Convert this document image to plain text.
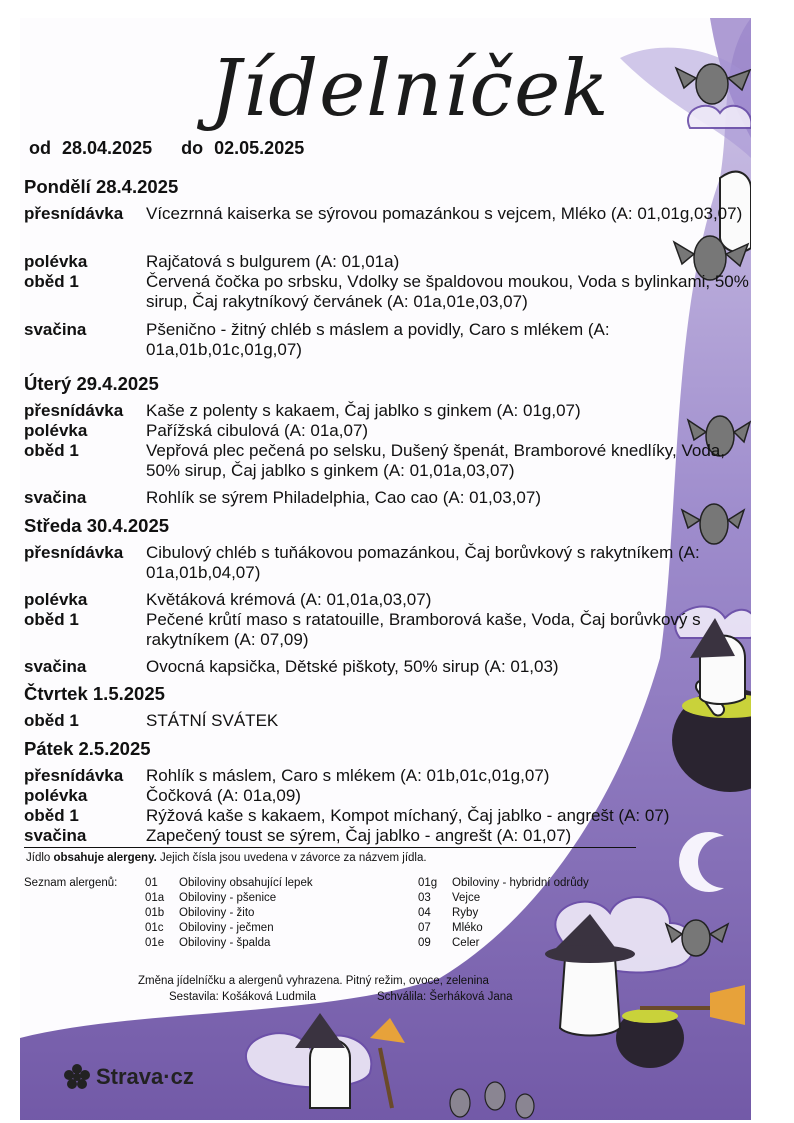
Jídelníček
od 28.04.2025 do 02.05.2025
Pondělí 28.4.2025
přesnídávka Vícezrnná kaiserka se sýrovou pomazánkou s vejcem, Mléko (A: 01,01g,03,07)
polévka	Rajčatová s bulgurem (A: 01,01a)
oběd 1	Červená čočka po srbsku, Vdolky se špaldovou moukou, Voda s bylinkami, 50% sirup, Čaj rakytníkový červánek (A: 01a,01e,03,07)
svačina	Pšenično - žitný chléb s máslem a povidly, Caro s mlékem (A: 01a,01b,01c,01g,07)
Úterý 29.4.2025
přesnídávka Kaše z polenty s kakaem, Čaj jablko s ginkem (A: 01g,07)
polévka	Pařížská cibulová (A: 01a,07)
oběd 1	Vepřová plec pečená po selsku, Dušený špenát, Bramborové knedlíky, Voda, 50% sirup, Čaj jablko s ginkem (A: 01,01a,03,07)
svačina	Rohlík se sýrem Philadelphia, Cao cao (A: 01,03,07)
Středa 30.4.2025
přesnídávka Cibulový chléb s tuňákovou pomazánkou, Čaj borůvkový s rakytníkem (A: 01a,01b,04,07)
polévka	Květáková krémová (A: 01,01a,03,07)
oběd 1	Pečené krůtí maso s ratatouille, Bramborová kaše, Voda, Čaj borůvkový s rakytníkem (A: 07,09)
svačina	Ovocná kapsička, Dětské piškoty, 50% sirup (A: 01,03)
Čtvrtek 1.5.2025
oběd 1	STÁTNÍ SVÁTEK
Pátek 2.5.2025
přesnídávka Rohlík s máslem, Caro s mlékem (A: 01b,01c,01g,07)
polévka	Čočková (A: 01a,09)
oběd 1	Rýžová kaše s kakaem, Kompot míchaný, Čaj jablko - angrešt (A: 07)
svačina	Zapečený toust se sýrem, Čaj jablko - angrešt (A: 01,07)
Jídlo obsahuje alergeny. Jejich čísla jsou uvedena v závorce za názvem jídla.
Seznam alergenů: 01 Obiloviny obsahující lepek
01a Obiloviny - pšenice
01b Obiloviny - žito
01c Obiloviny - ječmen
01e Obiloviny - špalda
01g Obiloviny - hybridní odrůdy
03 Vejce
04 Ryby
07 Mléko
09 Celer
Změna jídelníčku a alergenů vyhrazena. Pitný režim, ovoce, zelenina
Sestavila: Košáková Ludmila	Schválila: Šerháková Jana
Strava·cz
